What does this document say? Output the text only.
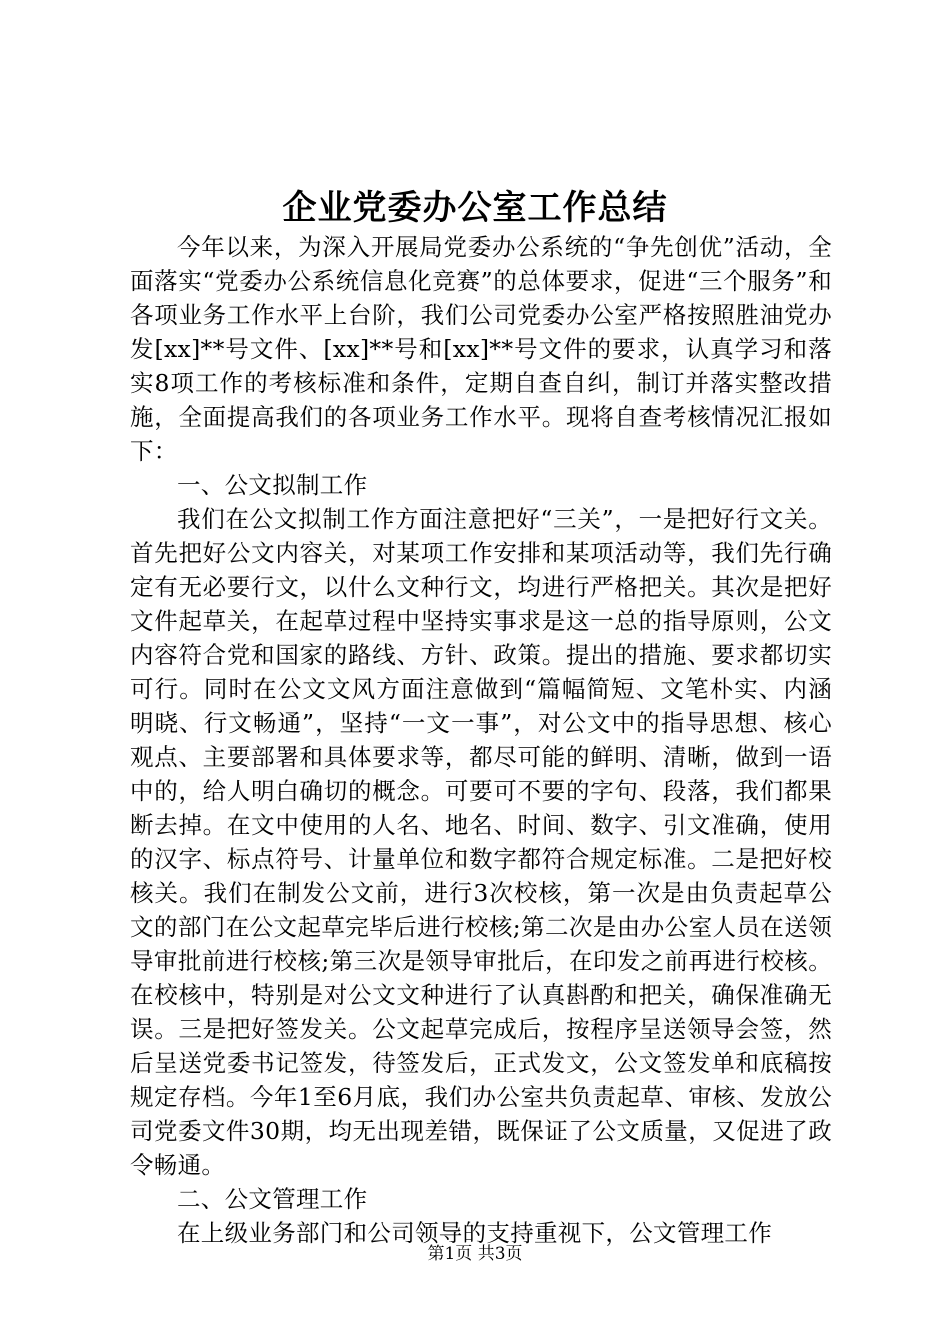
企业党委办公室工作总结

今年以来，为深入开展局党委办公系统的“争先创优”活动，全面落实“党委办公系统信息化竞赛”的总体要求，促进“三个服务”和各项业务工作水平上台阶，我们公司党委办公室严格按照胜油党办发[xx]**号文件、[xx]**号和[xx]**号文件的要求，认真学习和落实8项工作的考核标准和条件，定期自查自纠，制订并落实整改措施，全面提高我们的各项业务工作水平。现将自查考核情况汇报如下：

一、公文拟制工作

我们在公文拟制工作方面注意把好“三关”，一是把好行文关。首先把好公文内容关，对某项工作安排和某项活动等，我们先行确定有无必要行文，以什么文种行文，均进行严格把关。其次是把好文件起草关，在起草过程中坚持实事求是这一总的指导原则，公文内容符合党和国家的路线、方针、政策。提出的措施、要求都切实可行。同时在公文文风方面注意做到“篇幅简短、文笔朴实、内涵明晓、行文畅通”，坚持“一文一事”，对公文中的指导思想、核心观点、主要部署和具体要求等，都尽可能的鲜明、清晰，做到一语中的，给人明白确切的概念。可要可不要的字句、段落，我们都果断去掉。在文中使用的人名、地名、时间、数字、引文准确，使用的汉字、标点符号、计量单位和数字都符合规定标准。二是把好校核关。我们在制发公文前，进行3次校核，第一次是由负责起草公文的部门在公文起草完毕后进行校核;第二次是由办公室人员在送领导审批前进行校核;第三次是领导审批后，在印发之前再进行校核。在校核中，特别是对公文文种进行了认真斟酌和把关，确保准确无误。三是把好签发关。公文起草完成后，按程序呈送领导会签，然后呈送党委书记签发，待签发后，正式发文，公文签发单和底稿按规定存档。今年1至6月底，我们办公室共负责起草、审核、发放公司党委文件30期，均无出现差错，既保证了公文质量，又促进了政令畅通。

二、公文管理工作

在上级业务部门和公司领导的支持重视下，公文管理工作

第1页 共3页
